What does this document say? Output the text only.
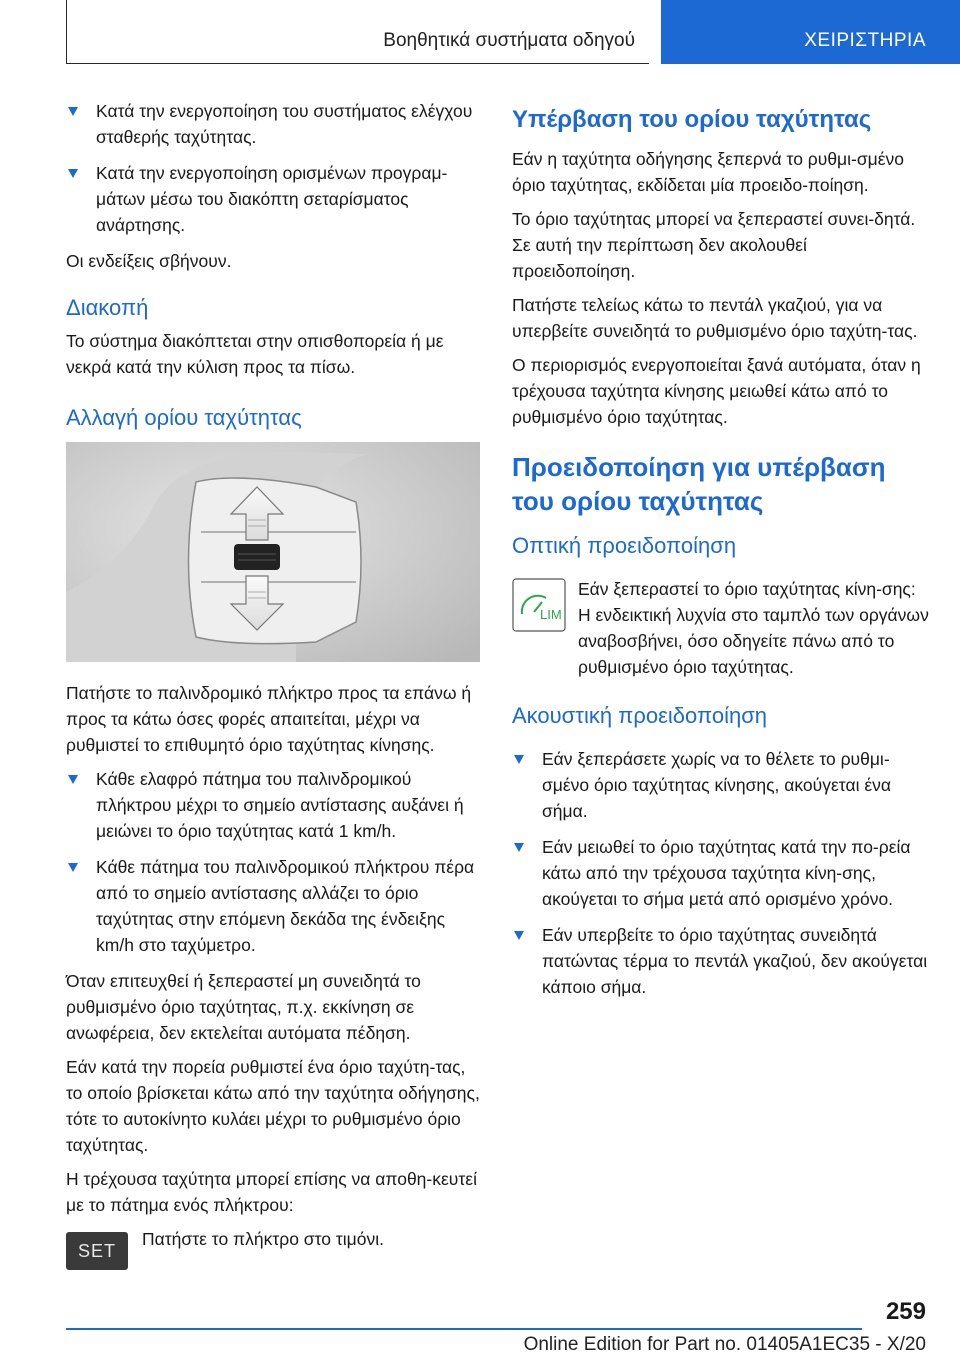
Βοηθητικά συστήματα οδηγού	ΧΕΙΡΙΣΤΗΡΙΑ
Κατά την ενεργοποίηση του συστήματος ελέγχου σταθερής ταχύτητας.
Κατά την ενεργοποίηση ορισμένων προγραμ-μάτων μέσω του διακόπτη σεταρίσματος ανάρτησης.

Οι ενδείξεις σβήνουν.

Διακοπή

Το σύστημα διακόπτεται στην οπισθοπορεία ή με νεκρά κατά την κύλιση προς τα πίσω.

Αλλαγή ορίου ταχύτητας

Πατήστε το παλινδρομικό πλήκτρο προς τα επάνω ή προς τα κάτω όσες φορές απαιτείται, μέχρι να ρυθμιστεί το επιθυμητό όριο ταχύτητας κίνησης.

Κάθε ελαφρό πάτημα του παλινδρομικού πλήκτρου μέχρι το σημείο αντίστασης αυξάνει ή μειώνει το όριο ταχύτητας κατά 1 km/h.
Κάθε πάτημα του παλινδρομικού πλήκτρου πέρα από το σημείο αντίστασης αλλάζει το όριο ταχύτητας στην επόμενη δεκάδα της ένδειξης km/h στο ταχύμετρο.

Όταν επιτευχθεί ή ξεπεραστεί μη συνειδητά το ρυθμισμένο όριο ταχύτητας, π.χ. εκκίνηση σε ανωφέρεια, δεν εκτελείται αυτόματα πέδηση.

Εάν κατά την πορεία ρυθμιστεί ένα όριο ταχύτη-τας, το οποίο βρίσκεται κάτω από την ταχύτητα οδήγησης, τότε το αυτοκίνητο κυλάει μέχρι το ρυθμισμένο όριο ταχύτητας.

Η τρέχουσα ταχύτητα μπορεί επίσης να αποθη-κευτεί με το πάτημα ενός πλήκτρου:

SET
Πατήστε το πλήκτρο στο τιμόνι.
Υπέρβαση του ορίου ταχύτητας

Εάν η ταχύτητα οδήγησης ξεπερνά το ρυθμι-σμένο όριο ταχύτητας, εκδίδεται μία προειδο-ποίηση.

Το όριο ταχύτητας μπορεί να ξεπεραστεί συνει-δητά. Σε αυτή την περίπτωση δεν ακολουθεί προειδοποίηση.

Πατήστε τελείως κάτω το πεντάλ γκαζιού, για να υπερβείτε συνειδητά το ρυθμισμένο όριο ταχύτη-τας.

Ο περιορισμός ενεργοποιείται ξανά αυτόματα, όταν η τρέχουσα ταχύτητα κίνησης μειωθεί κάτω από το ρυθμισμένο όριο ταχύτητας.

Προειδοποίηση για υπέρβαση του ορίου ταχύτητας
Οπτική προειδοποίηση
LIM
Εάν ξεπεραστεί το όριο ταχύτητας κίνη-σης: Η ενδεικτική λυχνία στο ταμπλό των οργάνων αναβοσβήνει, όσο οδηγείτε πάνω από το ρυθμισμένο όριο ταχύτητας.
Ακουστική προειδοποίηση
Εάν ξεπεράσετε χωρίς να το θέλετε το ρυθμι-σμένο όριο ταχύτητας κίνησης, ακούγεται ένα σήμα.
Εάν μειωθεί το όριο ταχύτητας κατά την πο-ρεία κάτω από την τρέχουσα ταχύτητα κίνη-σης, ακούγεται το σήμα μετά από ορισμένο χρόνο.
Εάν υπερβείτε το όριο ταχύτητας συνειδητά πατώντας τέρμα το πεντάλ γκαζιού, δεν ακούγεται κάποιο σήμα.
259
Online Edition for Part no. 01405A1EC35 - X/20
